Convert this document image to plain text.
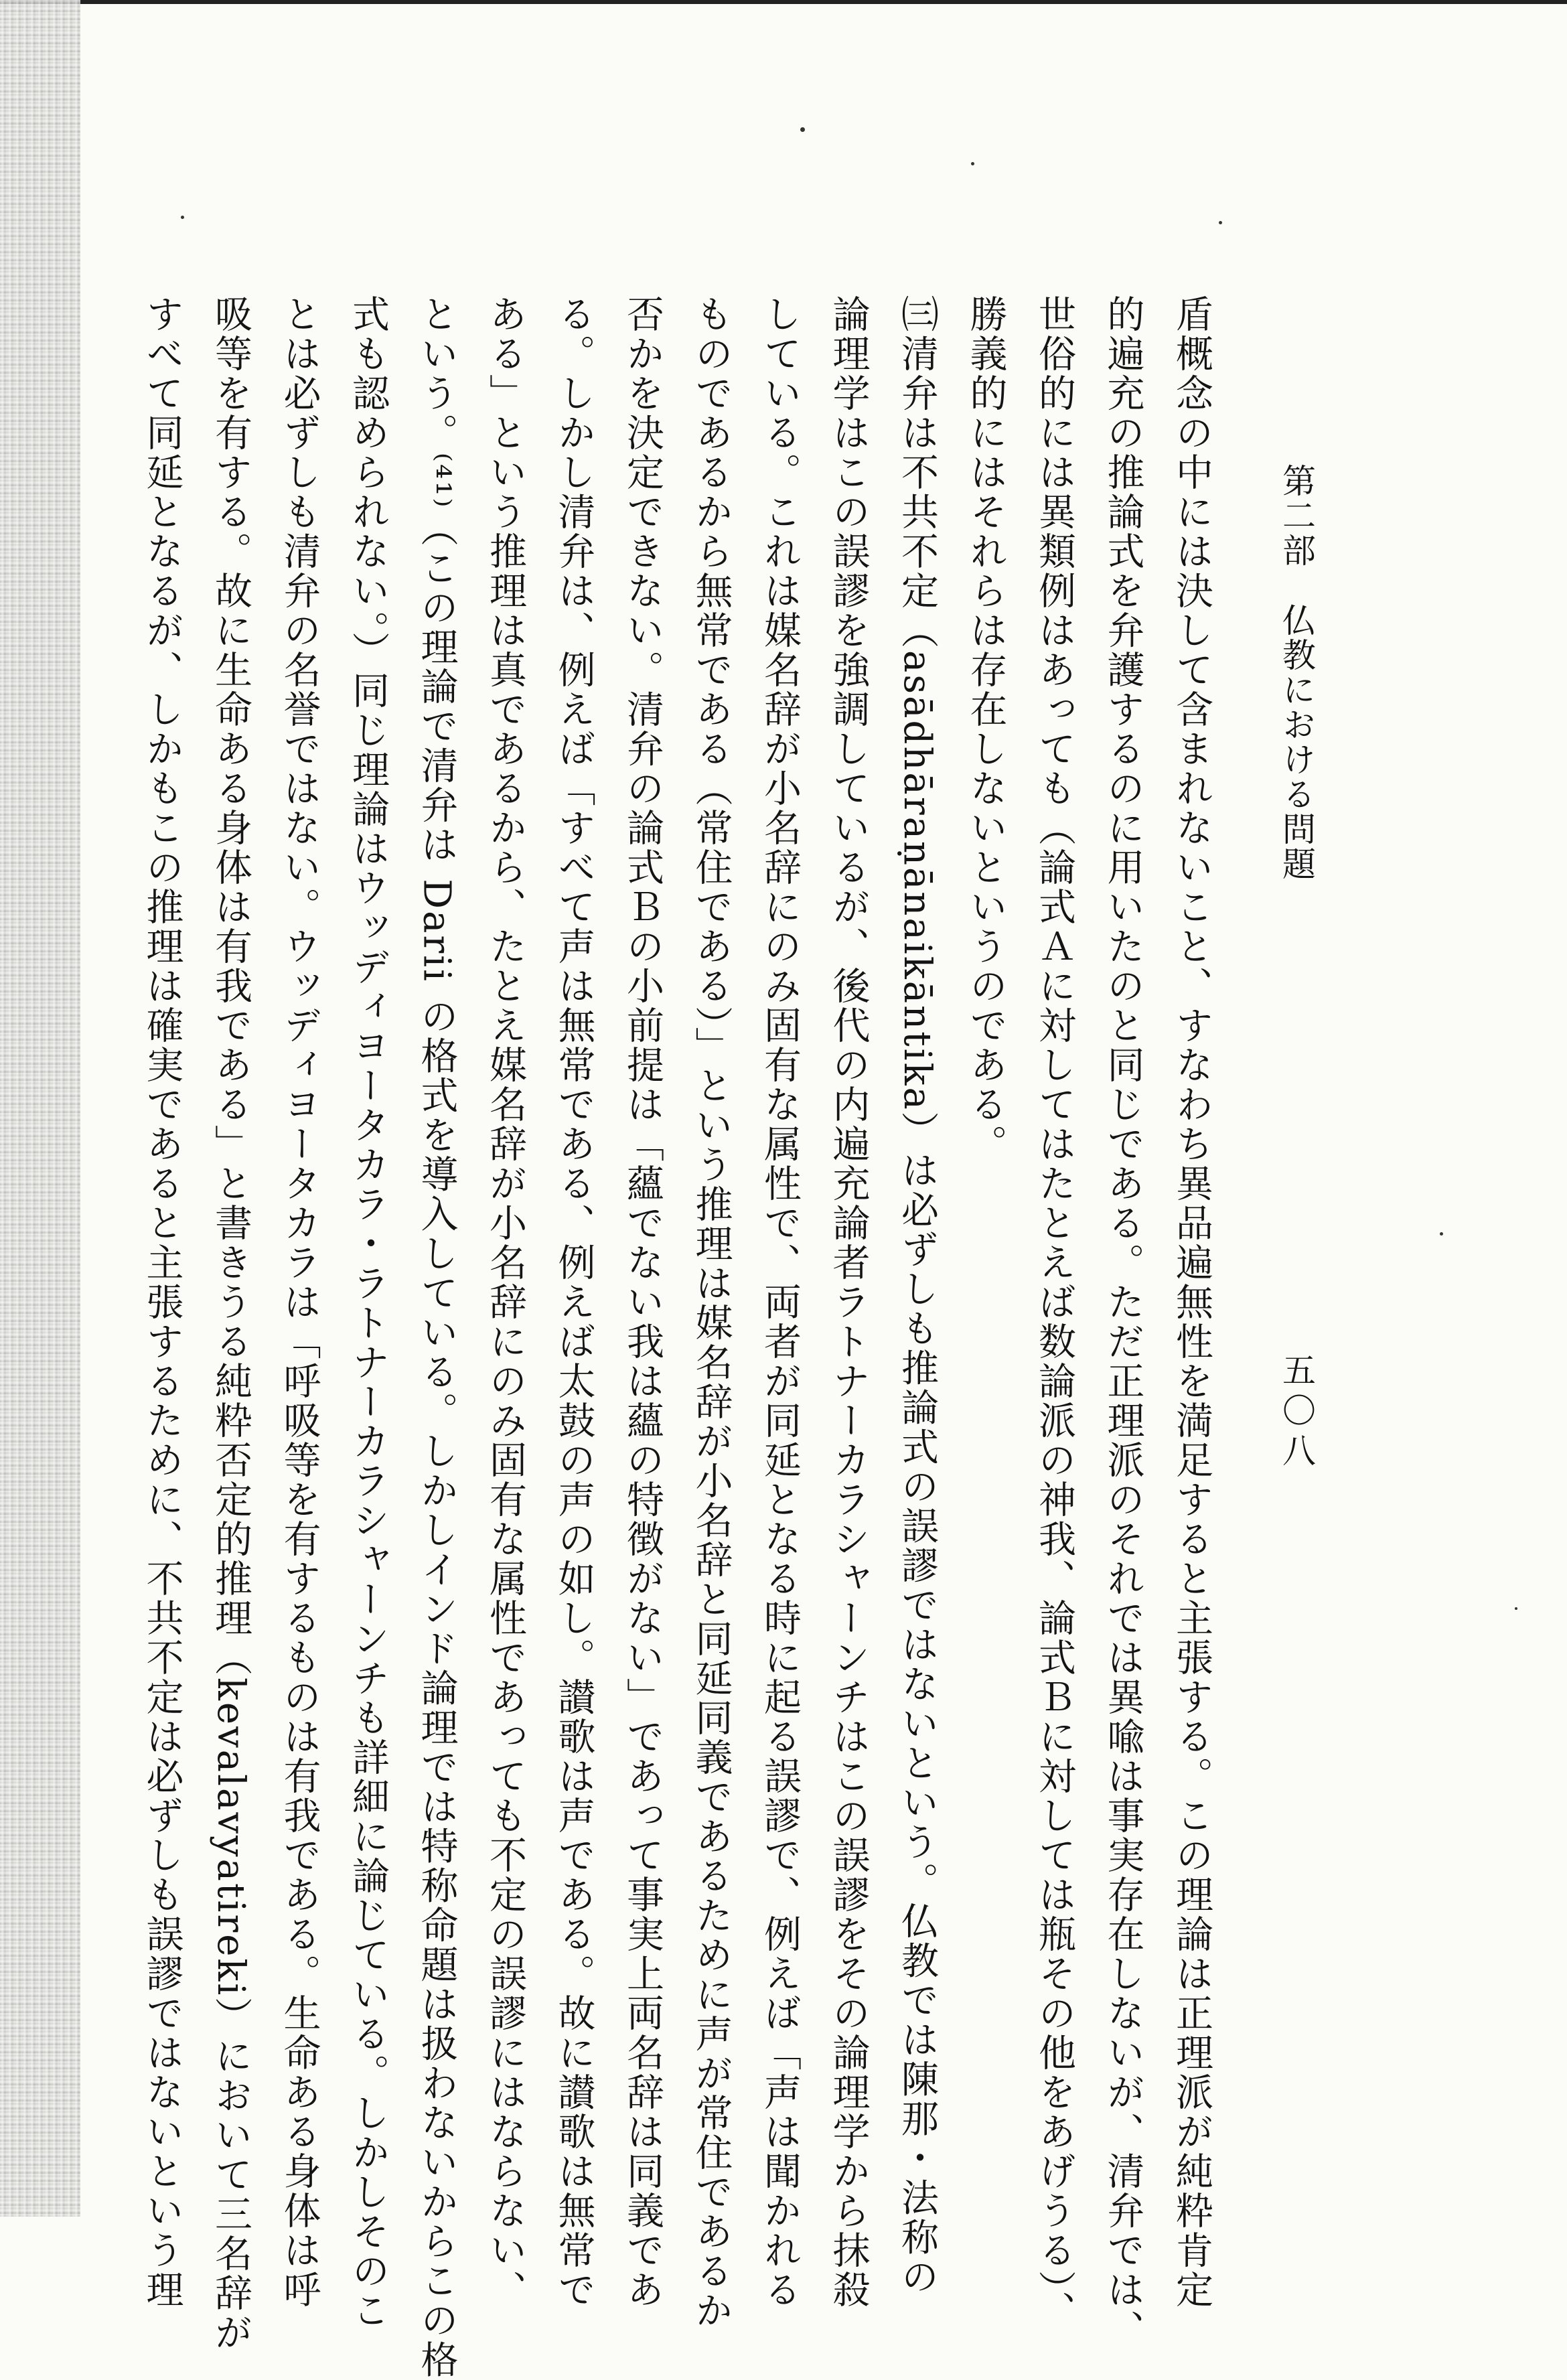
第二部　仏教における問題
五〇八

盾概念の中には決して含まれないこと、すなわち異品遍無性を満足すると主張する。この理論は正理派が純粋肯定

的遍充の推論式を弁護するのに用いたのと同じである。ただ正理派のそれでは異喩は事実存在しないが、清弁では、

世俗的には異類例はあっても（論式Ａに対してはたとえば数論派の神我、論式Ｂに対しては瓶その他をあげうる）、

勝義的にはそれらは存在しないというのである。

㈢清弁は不共不定（asādhāraṇānaikāntika）は必ずしも推論式の誤謬ではないという。仏教では陳那・法称の

論理学はこの誤謬を強調しているが、後代の内遍充論者ラトナーカラシャーンチはこの誤謬をその論理学から抹殺

している。これは媒名辞が小名辞にのみ固有な属性で、両者が同延となる時に起る誤謬で、例えば「声は聞かれる

ものであるから無常である（常住である）」という推理は媒名辞が小名辞と同延同義であるために声が常住であるか

否かを決定できない。清弁の論式Ｂの小前提は「蘊でない我は蘊の特徴がない」であって事実上両名辞は同義であ

る。しかし清弁は、例えば「すべて声は無常である、例えば太鼓の声の如し。讃歌は声である。故に讃歌は無常で

ある」という推理は真であるから、たとえ媒名辞が小名辞にのみ固有な属性であっても不定の誤謬にはならない、

という。⁽⁴¹⁾（この理論で清弁は Darii の格式を導入している。しかしインド論理では特称命題は扱わないからこの格

式も認められない。）同じ理論はウッディヨータカラ・ラトナーカラシャーンチも詳細に論じている。しかしそのこ

とは必ずしも清弁の名誉ではない。ウッディヨータカラは「呼吸等を有するものは有我である。生命ある身体は呼

吸等を有する。故に生命ある身体は有我である」と書きうる純粋否定的推理（kevalavyatireki）において三名辞が

すべて同延となるが、しかもこの推理は確実であると主張するために、不共不定は必ずしも誤謬ではないという理
